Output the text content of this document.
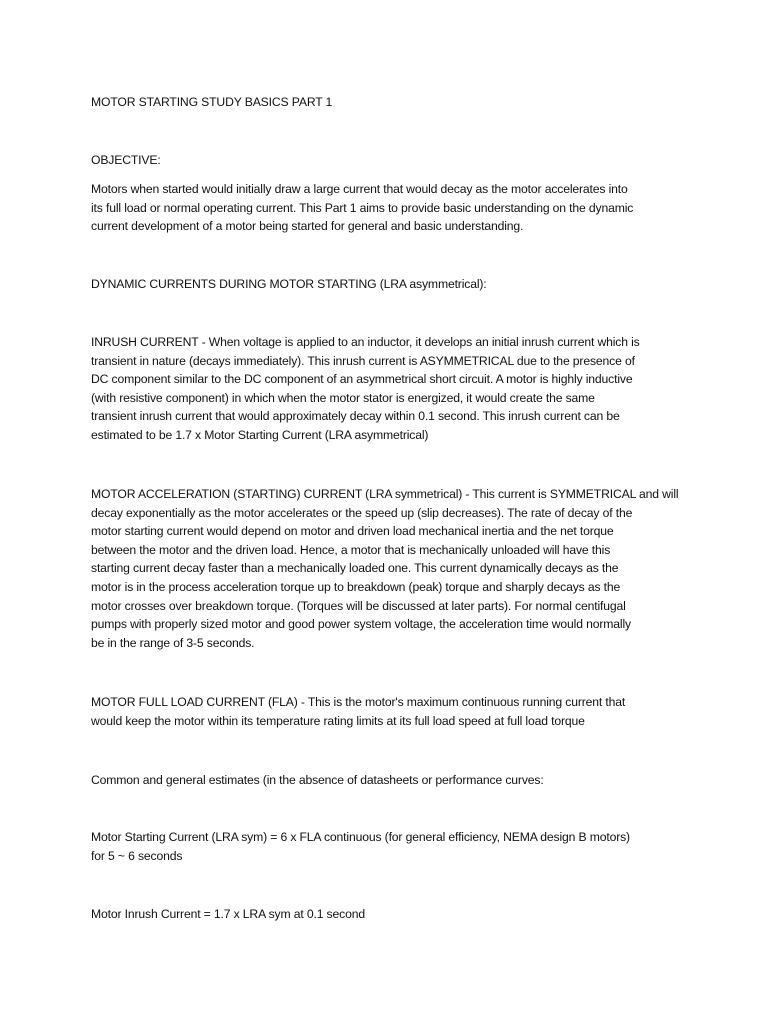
MOTOR STARTING STUDY BASICS PART 1
OBJECTIVE:
Motors when started would initially draw a large current that would decay as the motor accelerates into
its full load or normal operating current. This Part 1 aims to provide basic understanding on the dynamic
current development of a motor being started for general and basic understanding.
DYNAMIC CURRENTS DURING MOTOR STARTING (LRA asymmetrical):
INRUSH CURRENT - When voltage is applied to an inductor, it develops an initial inrush current which is
transient in nature (decays immediately). This inrush current is ASYMMETRICAL due to the presence of
DC component similar to the DC component of an asymmetrical short circuit. A motor is highly inductive
(with resistive component) in which when the motor stator is energized, it would create the same
transient inrush current that would approximately decay within 0.1 second. This inrush current can be
estimated to be 1.7 x Motor Starting Current (LRA asymmetrical)
MOTOR ACCELERATION (STARTING) CURRENT (LRA symmetrical) - This current is SYMMETRICAL and will
decay exponentially as the motor accelerates or the speed up (slip decreases). The rate of decay of the
motor starting current would depend on motor and driven load mechanical inertia and the net torque
between the motor and the driven load. Hence, a motor that is mechanically unloaded will have this
starting current decay faster than a mechanically loaded one. This current dynamically decays as the
motor is in the process acceleration torque up to breakdown (peak) torque and sharply decays as the
motor crosses over breakdown torque. (Torques will be discussed at later parts). For normal centifugal
pumps with properly sized motor and good power system voltage, the acceleration time would normally
be in the range of 3-5 seconds.
MOTOR FULL LOAD CURRENT (FLA) - This is the motor's maximum continuous running current that
would keep the motor within its temperature rating limits at its full load speed at full load torque
Common and general estimates (in the absence of datasheets or performance curves:
Motor Starting Current (LRA sym) = 6 x FLA continuous (for general efficiency, NEMA design B motors)
for 5 ~ 6 seconds
Motor Inrush Current = 1.7 x LRA sym at 0.1 second
